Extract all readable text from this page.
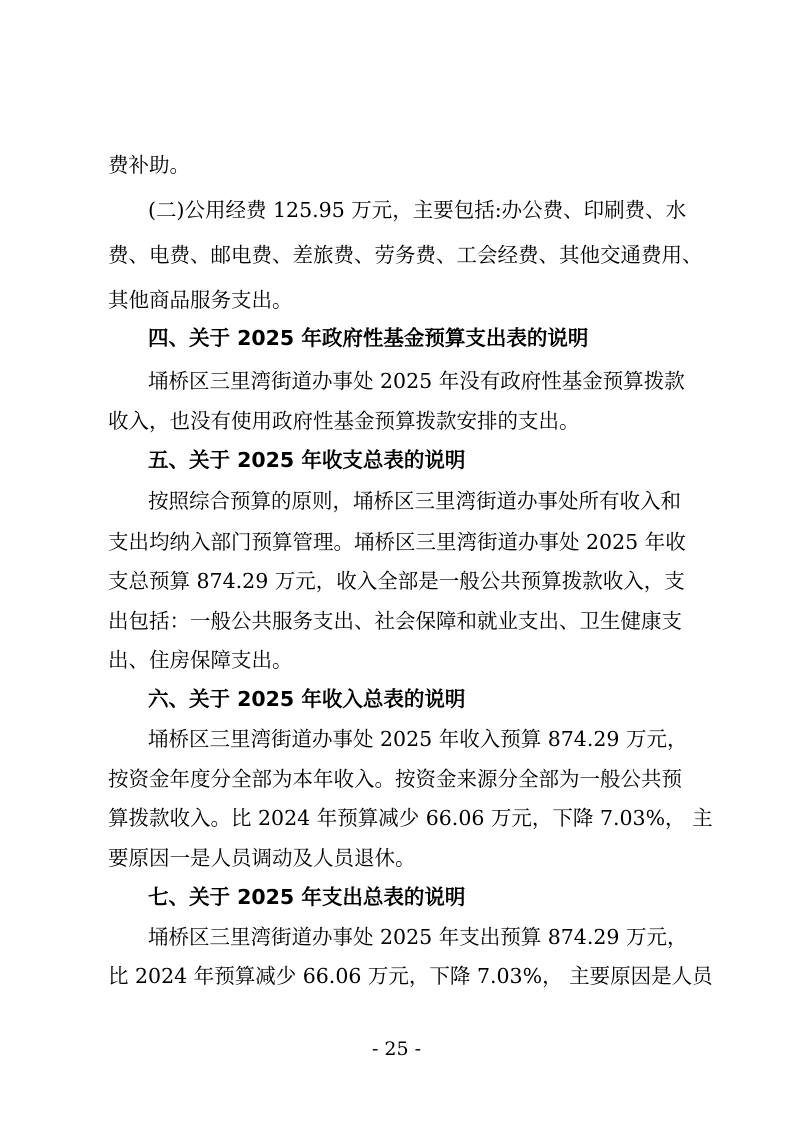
费补助。
(二)公用经费 125.95 万元，主要包括:办公费、印刷费、水
费、电费、邮电费、差旅费、劳务费、工会经费、其他交通费用、
其他商品服务支出。
四、关于 2025 年政府性基金预算支出表的说明
埇桥区三里湾街道办事处 2025 年没有政府性基金预算拨款
收入，也没有使用政府性基金预算拨款安排的支出。
五、关于 2025 年收支总表的说明
按照综合预算的原则，埇桥区三里湾街道办事处所有收入和
支出均纳入部门预算管理。埇桥区三里湾街道办事处 2025 年收
支总预算 874.29 万元，收入全部是一般公共预算拨款收入，支
出包括：一般公共服务支出、社会保障和就业支出、卫生健康支
出、住房保障支出。
六、关于 2025 年收入总表的说明
埇桥区三里湾街道办事处 2025 年收入预算 874.29 万元，
按资金年度分全部为本年收入。按资金来源分全部为一般公共预
算拨款收入。比 2024 年预算减少 66.06 万元，下降 7.03%， 主
要原因一是人员调动及人员退休。
七、关于 2025 年支出总表的说明
埇桥区三里湾街道办事处 2025 年支出预算 874.29 万元，
比 2024 年预算减少 66.06 万元，下降 7.03%， 主要原因是人员
- 25 -
